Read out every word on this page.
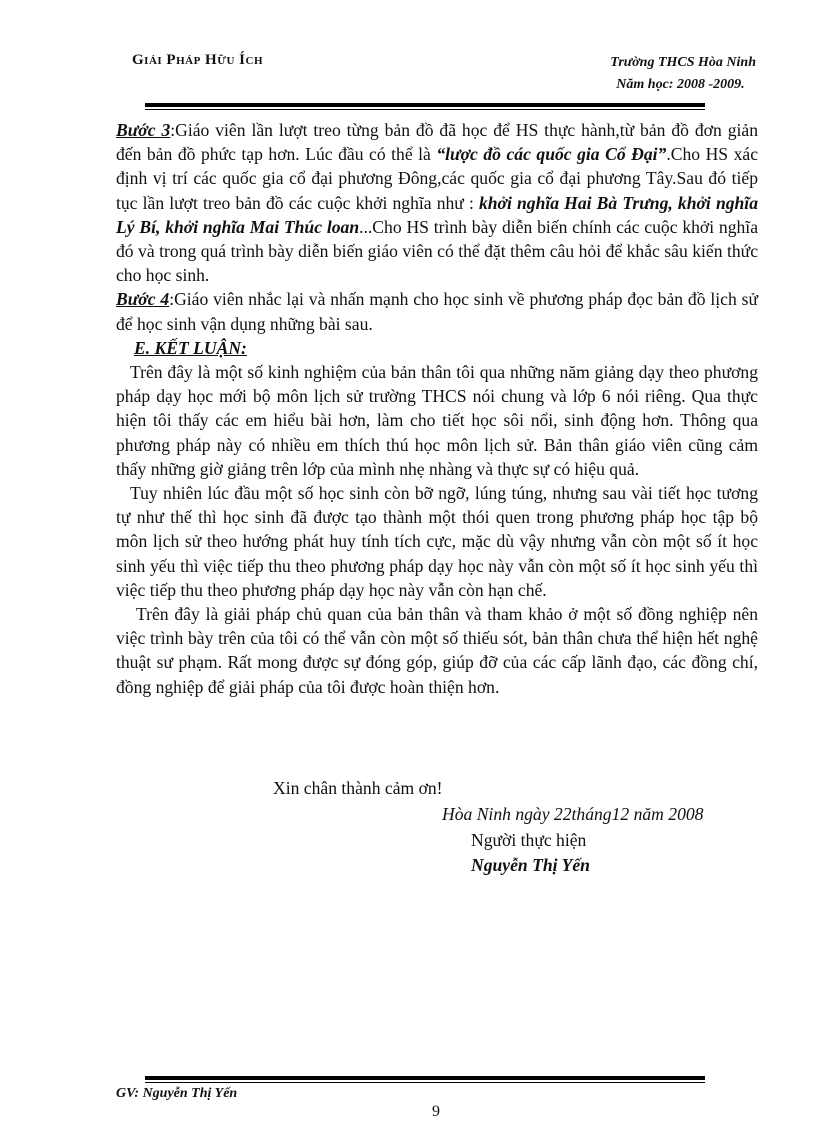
Giải Pháp Hữu Ích	Trường THCS Hòa Ninh
Năm học: 2008 -2009.

Bước 3:Giáo viên lần lượt treo từng bản đồ đã học để HS thực hành,từ bản đồ đơn giản đến bản đồ phức tạp hơn. Lúc đầu có thể là “lược đồ các quốc gia Cổ Đại”.Cho HS xác định vị trí các quốc gia cổ đại phương Đông,các quốc gia cổ đại phương Tây.Sau đó tiếp tục lần lượt treo bản đồ các cuộc khởi nghĩa như : khởi nghĩa Hai Bà Trưng, khởi nghĩa Lý Bí, khởi nghĩa Mai Thúc loan...Cho HS trình bày diễn biến chính các cuộc khởi nghĩa đó và trong quá trình bày diễn biến giáo viên có thể đặt thêm câu hỏi để khắc sâu kiến thức cho học sinh.

Bước 4:Giáo viên nhắc lại và nhấn mạnh cho học sinh về phương pháp đọc bản đồ lịch sử để học sinh vận dụng những bài sau.

E. KẾT LUẬN:

Trên đây là một số kinh nghiệm của bản thân tôi qua những năm giảng dạy theo phương pháp dạy học mới bộ môn lịch sử trường THCS nói chung và lớp 6 nói riêng. Qua thực hiện tôi thấy các em hiểu bài hơn, làm cho tiết học sôi nổi, sinh động hơn. Thông qua phương pháp này có nhiều em thích thú học môn lịch sử. Bản thân giáo viên cũng cảm thấy những giờ giảng trên lớp của mình nhẹ nhàng và thực sự có hiệu quả.

Tuy nhiên lúc đầu một số học sinh còn bỡ ngỡ, lúng túng, nhưng sau vài tiết học tương tự như thế thì học sinh đã được tạo thành một thói quen trong phương pháp học tập bộ môn lịch sử theo hướng phát huy tính tích cực, mặc dù vậy nhưng vẫn còn một số ít học sinh yếu thì việc tiếp thu theo phương pháp dạy học này vẫn còn một số ít học sinh yếu thì việc tiếp thu theo phương pháp dạy học này vẫn còn hạn chế.

Trên đây là giải pháp chủ quan của bản thân và tham khảo ở một số đồng nghiệp nên việc trình bày trên của tôi có thể vẫn còn một số thiếu sót, bản thân chưa thể hiện hết nghệ thuật sư phạm. Rất mong được sự đóng góp, giúp đỡ của các cấp lãnh đạo, các đồng chí, đồng nghiệp để giải pháp của tôi được hoàn thiện hơn.

Xin chân thành cảm ơn!
Hòa Ninh ngày 22tháng12 năm 2008
Người thực hiện
Nguyễn Thị Yến
GV: Nguyễn Thị Yến
9
